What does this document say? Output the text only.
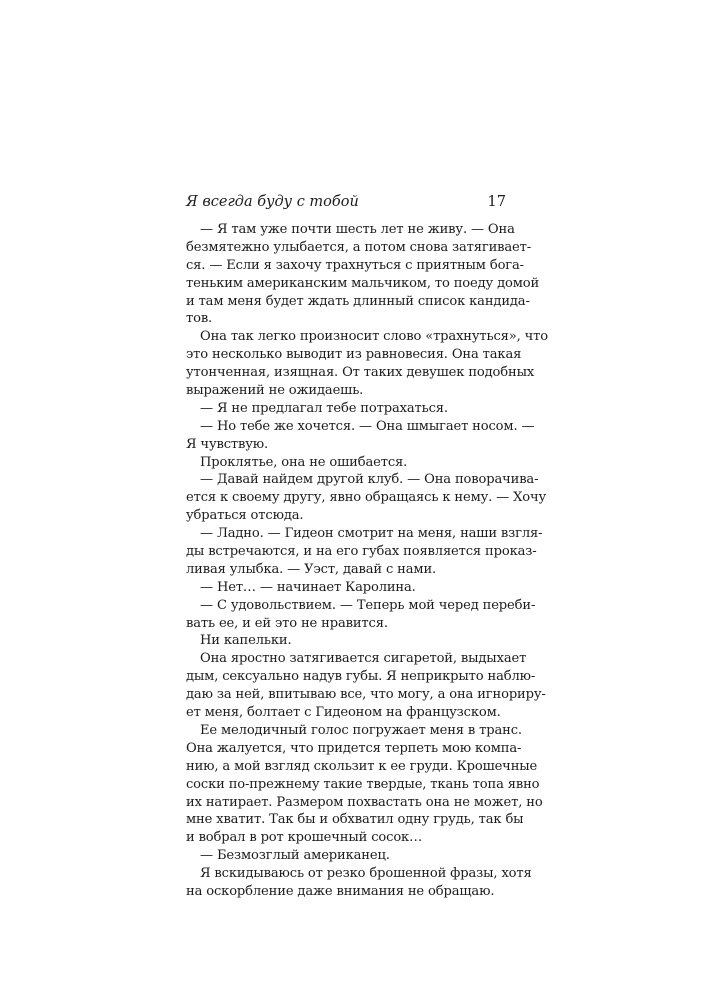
Я всегда буду с тобой	17
— Я там уже почти шесть лет не живу. — Она
безмятежно улыбается, а потом снова затягивает-
ся. — Если я захочу трахнуться с приятным бога-
теньким американским мальчиком, то поеду домой
и там меня будет ждать длинный список кандида-
тов.
Она так легко произносит слово «трахнуться», что
это несколько выводит из равновесия. Она такая
утонченная, изящная. От таких девушек подобных
выражений не ожидаешь.
— Я не предлагал тебе потрахаться.
— Но тебе же хочется. — Она шмыгает носом. —
Я чувствую.
Проклятье, она не ошибается.
— Давай найдем другой клуб. — Она поворачива-
ется к своему другу, явно обращаясь к нему. — Хочу
убраться отсюда.
— Ладно. — Гидеон смотрит на меня, наши взгля-
ды встречаются, и на его губах появляется проказ-
ливая улыбка. — Уэст, давай с нами.
— Нет… — начинает Каролина.
— С удовольствием. — Теперь мой черед переби-
вать ее, и ей это не нравится.
Ни капельки.
Она яростно затягивается сигаретой, выдыхает
дым, сексуально надув губы. Я неприкрыто наблю-
даю за ней, впитываю все, что могу, а она игнориру-
ет меня, болтает с Гидеоном на французском.
Ее мелодичный голос погружает меня в транс.
Она жалуется, что придется терпеть мою компа-
нию, а мой взгляд скользит к ее груди. Крошечные
соски по-прежнему такие твердые, ткань топа явно
их натирает. Размером похвастать она не может, но
мне хватит. Так бы и обхватил одну грудь, так бы
и вобрал в рот крошечный сосок…
— Безмозглый американец.
Я вскидываюсь от резко брошенной фразы, хотя
на оскорбление даже внимания не обращаю.
